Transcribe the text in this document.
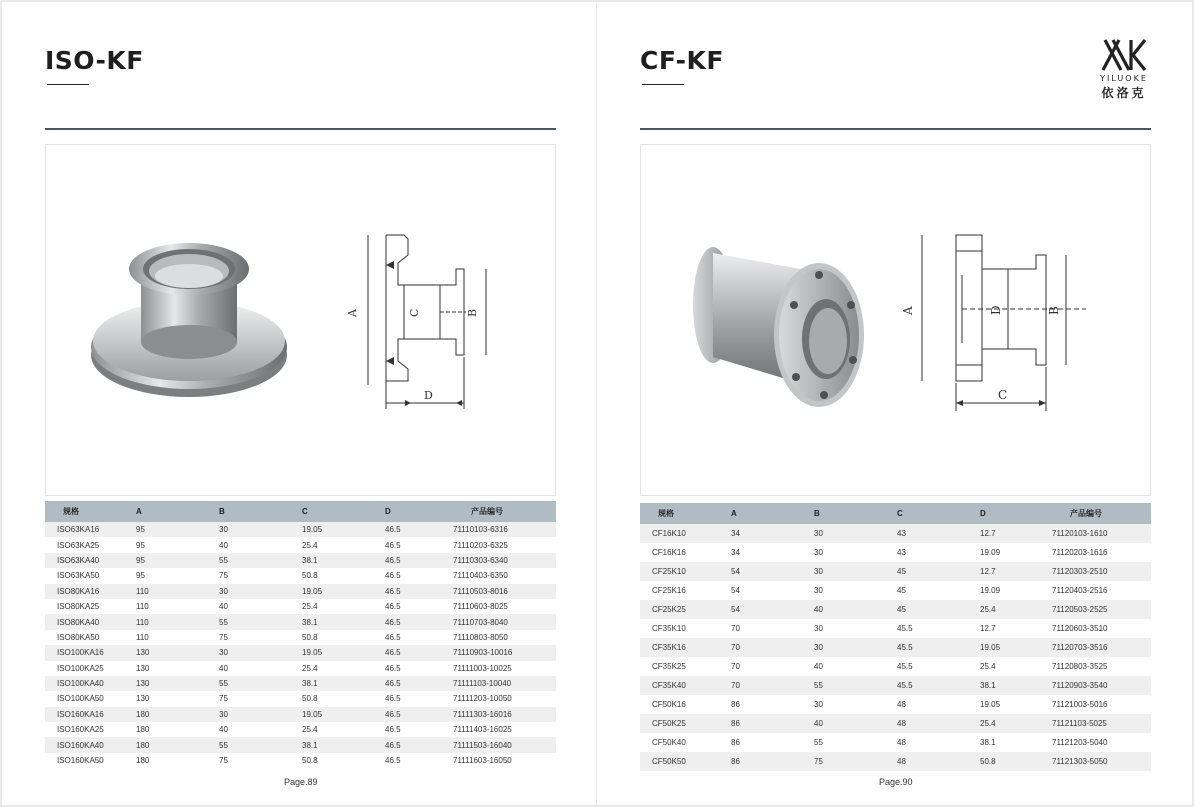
ISO-KF
A	C	B
D
规格	A	B	C	D	产品编号
ISO63KA16	95	30	19.05	46.5	71110103-6316
ISO63KA25	95	40	25.4	46.5	71110203-6325
ISO63KA40	95	55	38.1	46.5	71110303-6340
ISO63KA50	95	75	50.8	46.5	71110403-6350
ISO80KA16	110	30	19.05	46.5	71110503-8016
ISO80KA25	110	40	25.4	46.5	71110603-8025
ISO80KA40	110	55	38.1	46.5	71110703-8040
ISO80KA50	110	75	50.8	46.5	71110803-8050
ISO100KA16	130	30	19.05	46.5	71110903-10016
ISO100KA25	130	40	25.4	46.5	71111003-10025
ISO100KA40	130	55	38.1	46.5	71111103-10040
ISO100KA50	130	75	50.8	46.5	71111203-10050
ISO160KA16	180	30	19.05	46.5	71111303-16016
ISO160KA25	180	40	25.4	46.5	71111403-16025
ISO160KA40	180	55	38.1	46.5	71111503-16040
ISO160KA50	180	75	50.8	46.5	71111603-16050
Page.89
CF-KF
YILUOKE
依洛克
A	D	B
C
规格	A	B	C	D	产品编号
CF16K10	34	30	43	12.7	71120103-1610
CF16K16	34	30	43	19.09	71120203-1616
CF25K10	54	30	45	12.7	71120303-2510
CF25K16	54	30	45	19.09	71120403-2516
CF25K25	54	40	45	25.4	71120503-2525
CF35K10	70	30	45.5	12.7	71120603-3510
CF35K16	70	30	45.5	19.05	71120703-3516
CF35K25	70	40	45.5	25.4	71120803-3525
CF35K40	70	55	45.5	38.1	71120903-3540
CF50K16	86	30	48	19.05	71121003-5016
CF50K25	86	40	48	25.4	71121103-5025
CF50K40	86	55	48	38.1	71121203-5040
CF50K50	86	75	48	50.8	71121303-5050
Page.90
